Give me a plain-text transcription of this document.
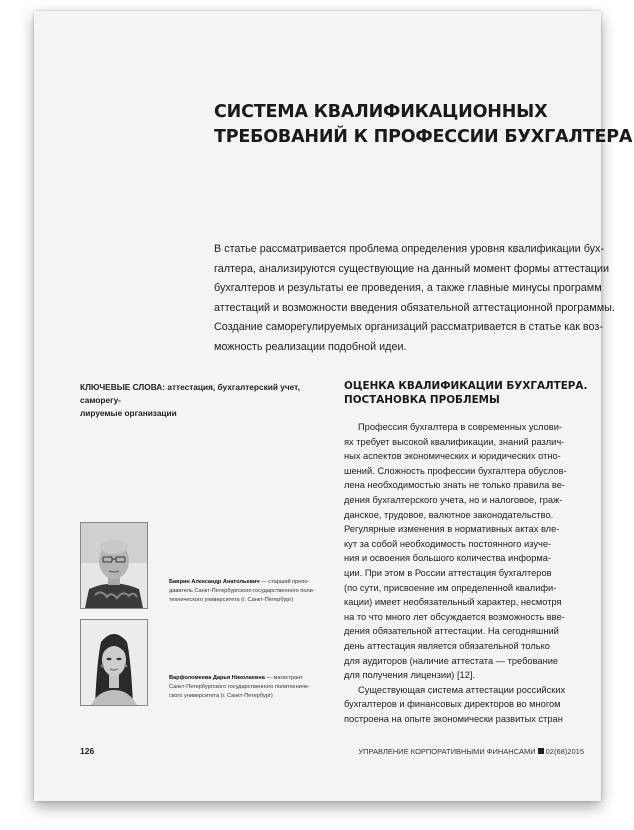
СИСТЕМА КВАЛИФИКАЦИОННЫХ
ТРЕБОВАНИЙ К ПРОФЕССИИ БУХГАЛТЕРА
В статье рассматривается проблема определения уровня квалификации бух-
галтера, анализируются существующие на данный момент формы аттестации
бухгалтеров и результаты ее проведения, а также главные минусы программ
аттестаций и возможности введения обязательной аттестационной программы.
Создание саморегулируемых организаций рассматривается в статье как воз-
можность реализации подобной идеи.
КЛЮЧЕВЫЕ СЛОВА: аттестация, бухгалтерский учет, саморегу-
лируемые организации
Баврин Александр Анатольевич — старший препо-
даватель Санкт-Петербургского государственного поли-
технического университета (г. Санкт-Петербург)
Варфоломеева Дарья Николаевна — магистрант
Санкт-Петербургского государственного политехниче-
ского университета (г. Санкт-Петербург)
ОЦЕНКА КВАЛИФИКАЦИИ БУХГАЛТЕРА.
ПОСТАНОВКА ПРОБЛЕМЫ
Профессия бухгалтера в современных услови-
ях требует высокой квалификации, знаний различ-
ных аспектов экономических и юридических отно-
шений. Сложность профессии бухгалтера обуслов-
лена необходимостью знать не только правила ве-
дения бухгалтерского учета, но и налоговое, граж-
данское, трудовое, валютное законодательство.
Регулярные изменения в нормативных актах вле-
кут за собой необходимость постоянного изуче-
ния и освоения большого количества информа-
ции. При этом в России аттестация бухгалтеров
(по сути, присвоение им определенной квалифи-
кации) имеет необязательный характер, несмотря
на то что много лет обсуждается возможность вве-
дения обязательной аттестации. На сегодняшний
день аттестация является обязательной только
для аудиторов (наличие аттестата — требование
для получения лицензии) [12].
Существующая система аттестации российских
бухгалтеров и финансовых директоров во многом
построена на опыте экономически развитых стран
126	УПРАВЛЕНИЕ КОРПОРАТИВНЫМИ ФИНАНСАМИ 02(68)2015
